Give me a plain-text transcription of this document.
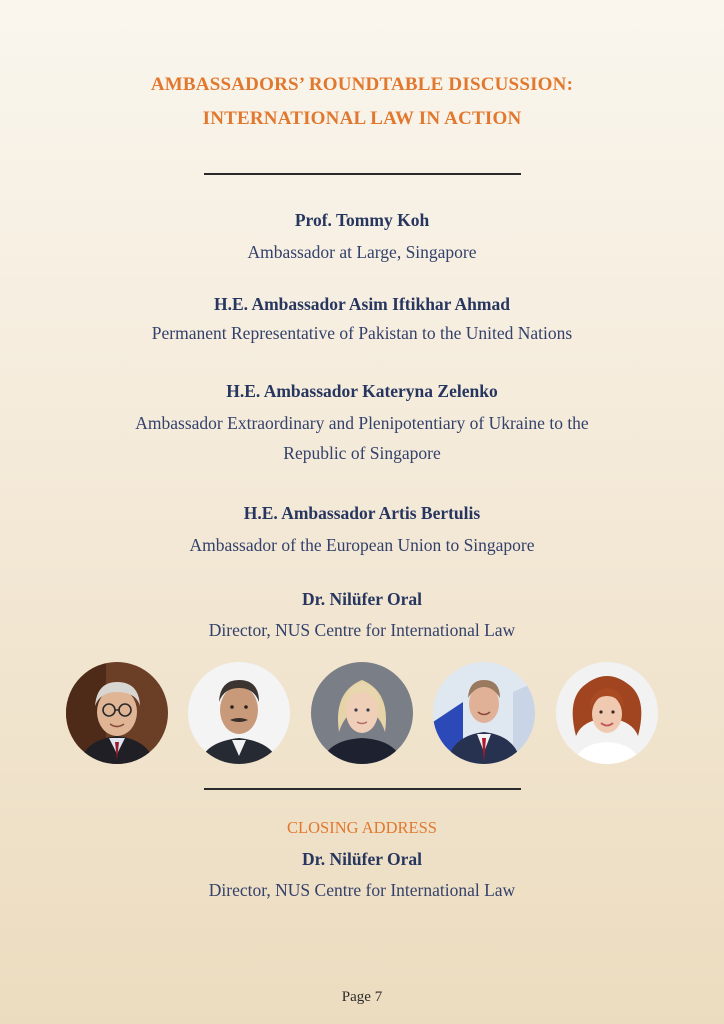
AMBASSADORS’ ROUNDTABLE DISCUSSION:
INTERNATIONAL LAW IN ACTION
Prof. Tommy Koh
Ambassador at Large, Singapore
H.E. Ambassador Asim Iftikhar Ahmad
Permanent Representative of Pakistan to the United Nations
H.E. Ambassador Kateryna Zelenko
Ambassador Extraordinary and Plenipotentiary of Ukraine to the
Republic of Singapore
H.E. Ambassador Artis Bertulis
Ambassador of the European Union to Singapore
Dr. Nilüfer Oral
Director, NUS Centre for International Law
CLOSING ADDRESS
Dr. Nilüfer Oral
Director, NUS Centre for International Law
Page 7
